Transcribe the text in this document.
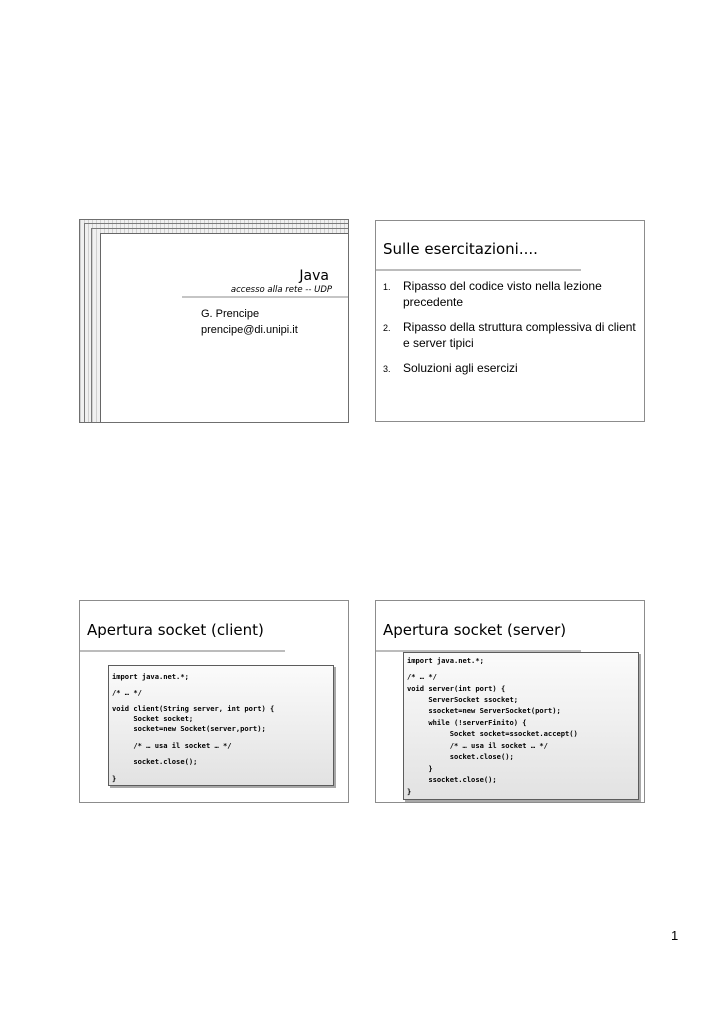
Java
accesso alla rete -- UDP
G. Prencipe
prencipe@di.unipi.it
Sulle esercitazioni....
1. Ripasso del codice visto nella lezione precedente
2. Ripasso della struttura complessiva di client e server tipici
3. Soluzioni agli esercizi
Apertura socket (client)
import java.net.*;
/* … */
void client(String server, int port) {
Socket socket;
socket=new Socket(server,port);
/* … usa il socket … */
socket.close();
}
Apertura socket (server)
import java.net.*;
/* … */
void server(int port) {
ServerSocket ssocket;
ssocket=new ServerSocket(port);
while (!serverFinito) {
Socket socket=ssocket.accept()
/* … usa il socket … */
socket.close();
}
ssocket.close();
}
1
